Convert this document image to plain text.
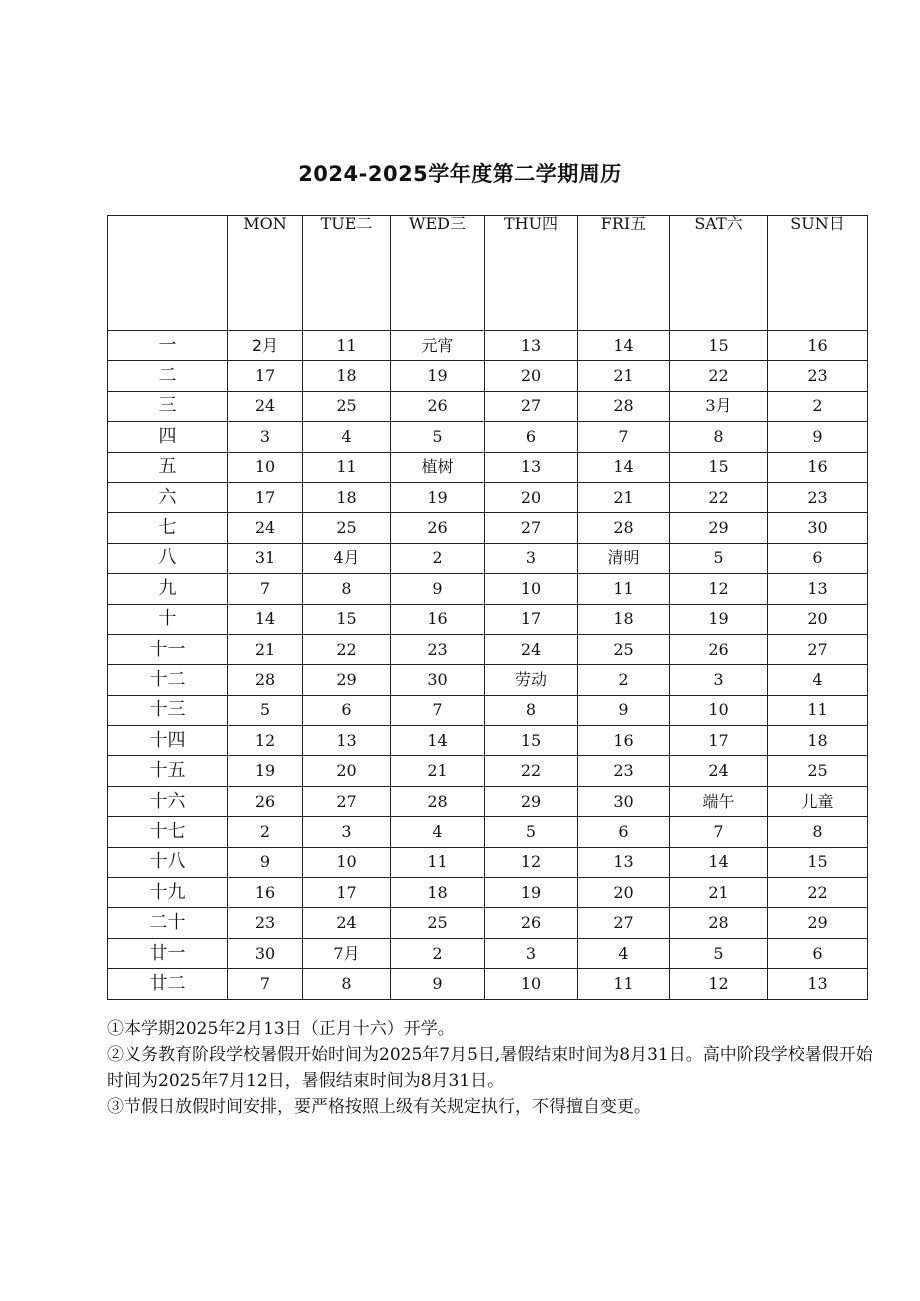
2024-2025学年度第二学期周历
	MON	TUE二	WED三	THU四	FRI五	SAT六	SUN日
一	2月	11	元宵	13	14	15	16
二	17	18	19	20	21	22	23
三	24	25	26	27	28	3月	2
四	3	4	5	6	7	8	9
五	10	11	植树	13	14	15	16
六	17	18	19	20	21	22	23
七	24	25	26	27	28	29	30
八	31	4月	2	3	清明	5	6
九	7	8	9	10	11	12	13
十	14	15	16	17	18	19	20
十一	21	22	23	24	25	26	27
十二	28	29	30	劳动	2	3	4
十三	5	6	7	8	9	10	11
十四	12	13	14	15	16	17	18
十五	19	20	21	22	23	24	25
十六	26	27	28	29	30	端午	儿童
十七	2	3	4	5	6	7	8
十八	9	10	11	12	13	14	15
十九	16	17	18	19	20	21	22
二十	23	24	25	26	27	28	29
廿一	30	7月	2	3	4	5	6
廿二	7	8	9	10	11	12	13

①本学期2025年2月13日（正月十六）开学。

②义务教育阶段学校暑假开始时间为2025年7月5日,暑假结束时间为8月31日。高中阶段学校暑假开始时间为2025年7月12日，暑假结束时间为8月31日。

③节假日放假时间安排，要严格按照上级有关规定执行，不得擅自变更。
